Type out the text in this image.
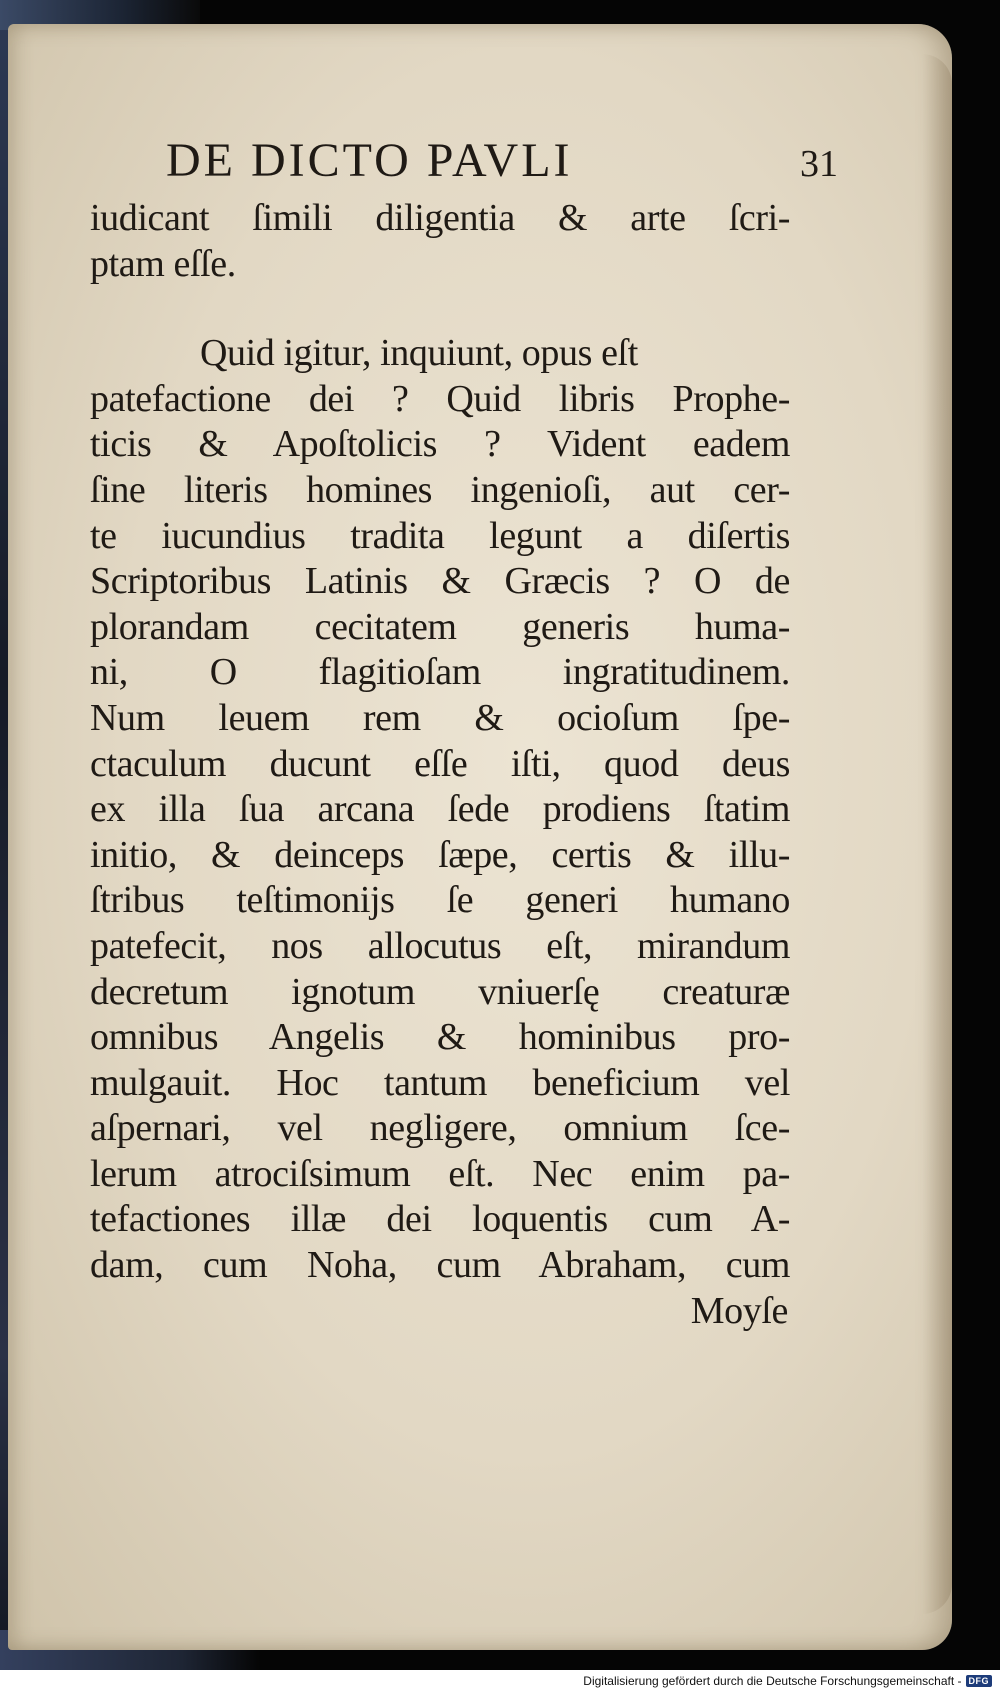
DE DICTO PAVLI	31
iudicant ſimili diligentia & arte ſcri-
ptam eſſe.
Quid igitur, inquiunt, opus eſt
patefactione dei ? Quid libris Prophe-
ticis & Apoſtolicis ? Vident eadem
ſine literis homines ingenioſi, aut cer-
te iucundius tradita legunt a diſertis
Scriptoribus Latinis & Græcis ? O de
plorandam cecitatem generis huma-
ni, O flagitioſam ingratitudinem.
Num leuem rem & ocioſum ſpe-
ctaculum ducunt eſſe iſti, quod deus
ex illa ſua arcana ſede prodiens ſtatim
initio, & deinceps ſæpe, certis & illu-
ſtribus teſtimonijs ſe generi humano
patefecit, nos allocutus eſt, mirandum
decretum ignotum vniuerſę creaturæ
omnibus Angelis & hominibus pro-
mulgauit. Hoc tantum beneficium vel
aſpernari, vel negligere, omnium ſce-
lerum atrociſsimum eſt. Nec enim pa-
tefactiones illæ dei loquentis cum A-
dam, cum Noha, cum Abraham, cum
Moyſe
Digitalisierung gefördert durch die Deutsche Forschungsgemeinschaft - DFG
